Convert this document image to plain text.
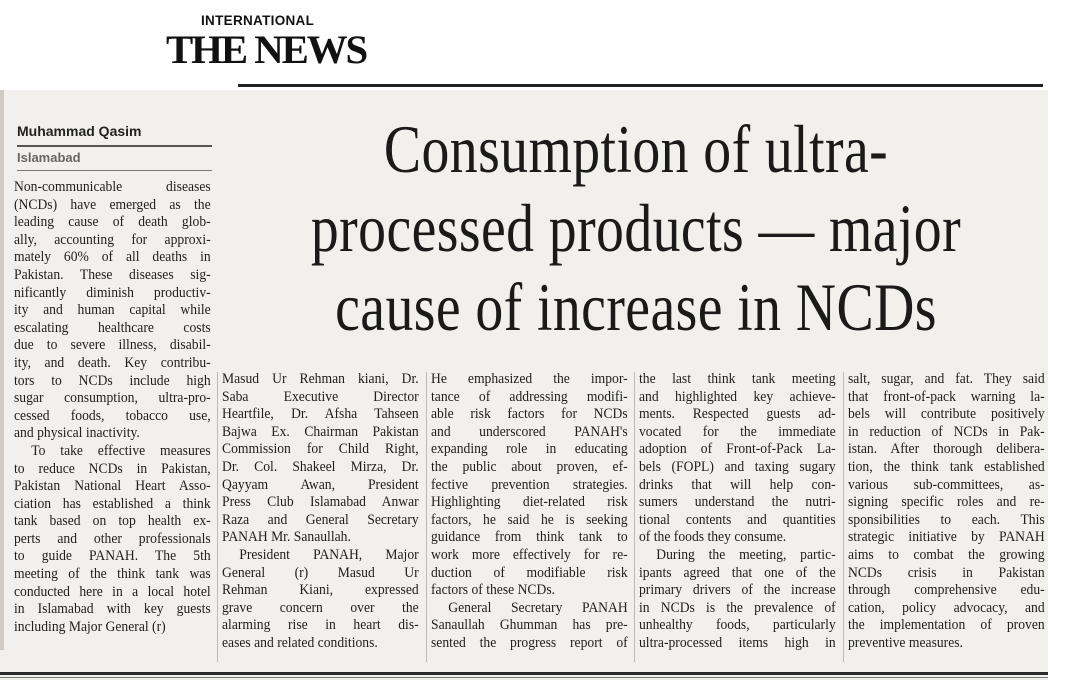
INTERNATIONAL
THE NEWS
Muhammad Qasim
Islamabad	Consumption of ultra-
processed products — major
cause of increase in NCDs

Non-communicable diseases

(NCDs) have emerged as the

leading cause of death glob-

ally, accounting for approxi-

mately 60% of all deaths in

Pakistan. These diseases sig-

nificantly diminish productiv-

ity and human capital while

escalating healthcare costs

due to severe illness, disabil-

ity, and death. Key contribu-

tors to NCDs include high

sugar consumption, ultra-pro-

cessed foods, tobacco use,

and physical inactivity.

To take effective measures

to reduce NCDs in Pakistan,

Pakistan National Heart Asso-

ciation has established a think

tank based on top health ex-

perts and other professionals

to guide PANAH. The 5th

meeting of the think tank was

conducted here in a local hotel

in Islamabad with key guests

including Major General (r)

Masud Ur Rehman kiani, Dr.

Saba Executive Director

Heartfile, Dr. Afsha Tahseen

Bajwa Ex. Chairman Pakistan

Commission for Child Right,

Dr. Col. Shakeel Mirza, Dr.

Qayyam Awan, President

Press Club Islamabad Anwar

Raza and General Secretary

PANAH Mr. Sanaullah.

President PANAH, Major

General (r) Masud Ur

Rehman Kiani, expressed

grave concern over the

alarming rise in heart dis-

eases and related conditions.

He emphasized the impor-

tance of addressing modifi-

able risk factors for NCDs

and underscored PANAH's

expanding role in educating

the public about proven, ef-

fective prevention strategies.

Highlighting diet-related risk

factors, he said he is seeking

guidance from think tank to

work more effectively for re-

duction of modifiable risk

factors of these NCDs.

General Secretary PANAH

Sanaullah Ghumman has pre-

sented the progress report of

the last think tank meeting

and highlighted key achieve-

ments. Respected guests ad-

vocated for the immediate

adoption of Front-of-Pack La-

bels (FOPL) and taxing sugary

drinks that will help con-

sumers understand the nutri-

tional contents and quantities

of the foods they consume.

During the meeting, partic-

ipants agreed that one of the

primary drivers of the increase

in NCDs is the prevalence of

unhealthy foods, particularly

ultra-processed items high in

salt, sugar, and fat. They said

that front-of-pack warning la-

bels will contribute positively

in reduction of NCDs in Pak-

istan. After thorough delibera-

tion, the think tank established

various sub-committees, as-

signing specific roles and re-

sponsibilities to each. This

strategic initiative by PANAH

aims to combat the growing

NCDs crisis in Pakistan

through comprehensive edu-

cation, policy advocacy, and

the implementation of proven

preventive measures.
